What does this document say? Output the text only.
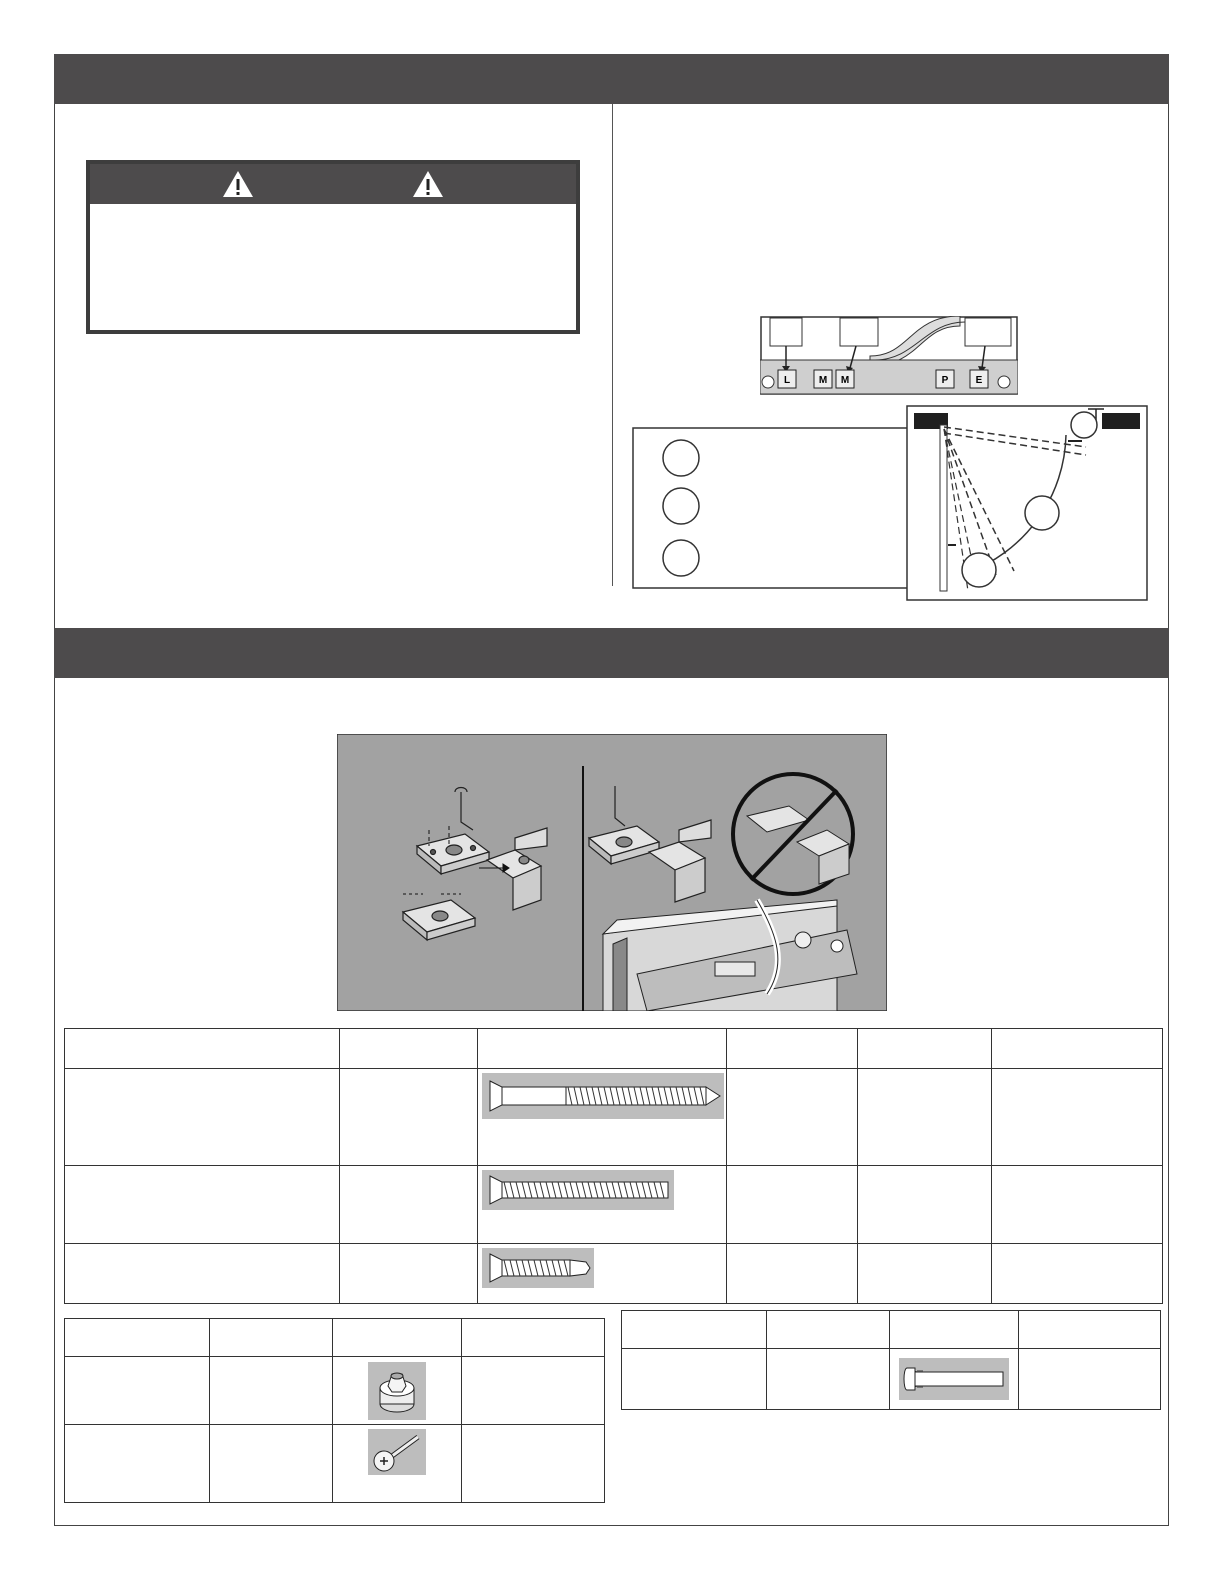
L	M M	P	E
